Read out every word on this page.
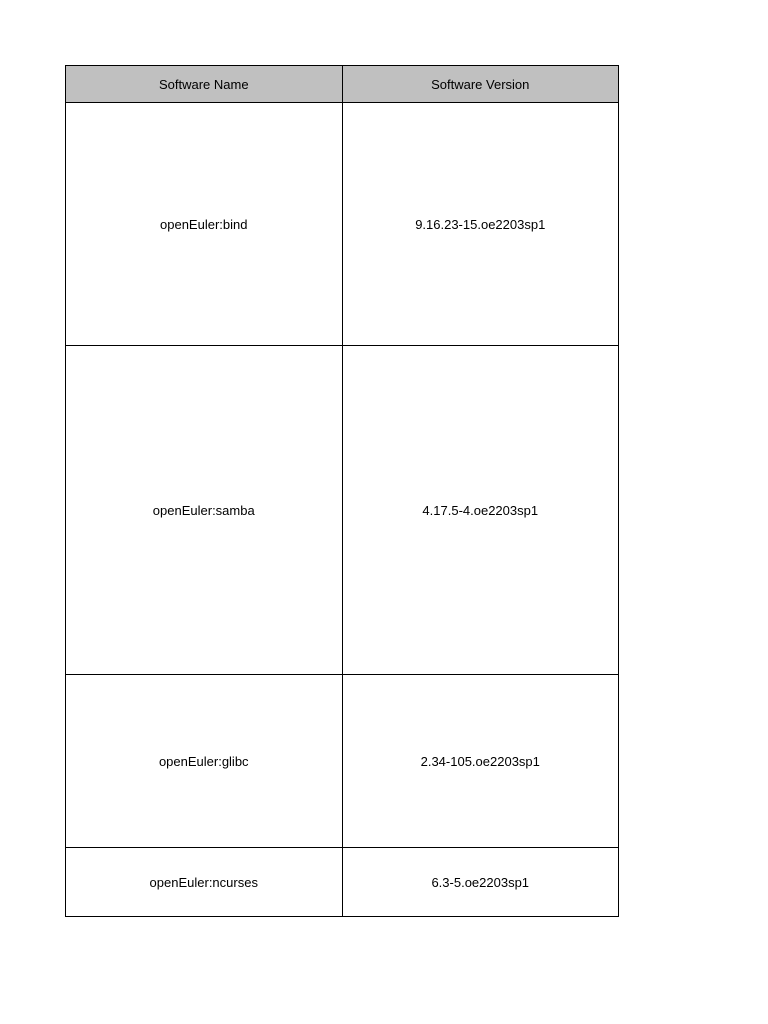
Software Name	Software Version
openEuler:bind	9.16.23-15.oe2203sp1
openEuler:samba	4.17.5-4.oe2203sp1
openEuler:glibc	2.34-105.oe2203sp1
openEuler:ncurses	6.3-5.oe2203sp1
